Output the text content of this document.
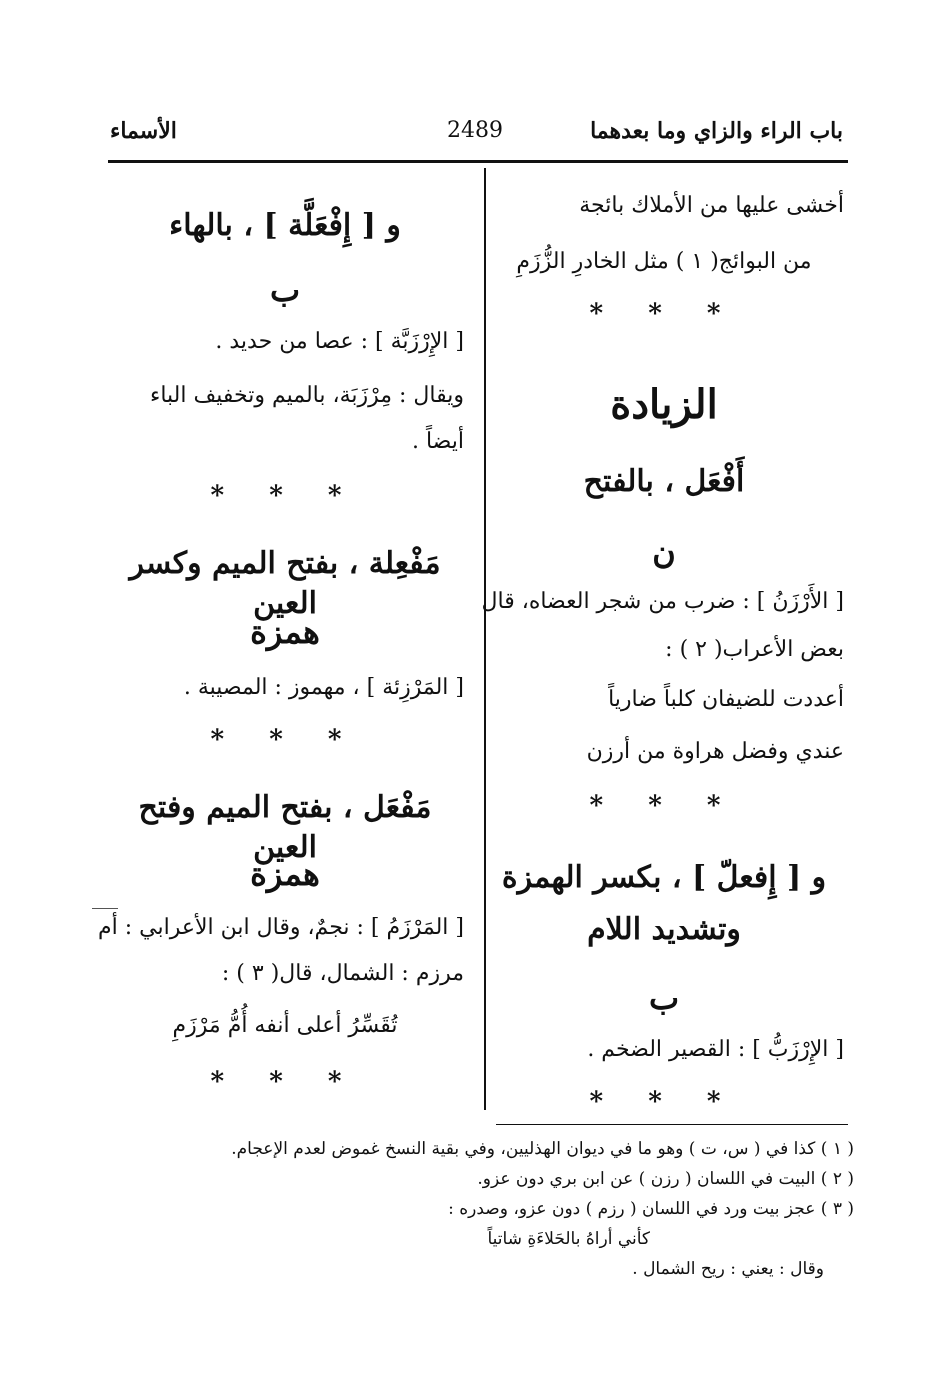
باب الراء والزاي وما بعدهما
2489
الأسماء
أخشى عليها من الأملاك بائجة
من البوائج( ١ ) مثل الخادرِ الزُّزَمِ
* * *
الزيادة
أَفْعَل ، بالفتح
ن
[ الأَرْزَنُ ] : ضرب من شجر العضاه، قال
بعض الأعراب( ٢ ) :
أعددت للضيفان كلباً ضارياً
عندي وفضل هراوة من أرزن
* * *
و [ إِفعلّ ] ، بكسر الهمزة
وتشديد اللام
ب
[ الإِرْزَبُّ ] : القصير الضخم .
* * *
و [ إِفْعَلَّة ] ، بالهاء
ب
[ الإِرْزَبَّة ] : عصا من حديد .
ويقال : مِرْزَبَة، بالميم وتخفيف الباء
أيضاً .
* * *
مَفْعِلة ، بفتح الميم وكسر العين
همزة
[ المَرْزِئة ] ، مهموز : المصيبة .
* * *
مَفْعَل ، بفتح الميم وفتح العين
همزة
[ المَرْزَمُ ] : نجمٌ، وقال ابن الأعرابي : أم
مرزم : الشمال، قال( ٣ ) :
تُقَسِّرُ أعلى أنفه أُمُّ مَرْزَمِ
* * *
( ١ ) كذا في ( س، ت ) وهو ما في ديوان الهذليين، وفي بقية النسخ غموض لعدم الإعجام.
( ٢ ) البيت في اللسان ( رزن ) عن ابن بري دون عزو.
( ٣ ) عجز بيت ورد في اللسان ( رزم ) دون عزو، وصدره :
كأني أراهُ بالحَلاءَةِ شاتياً
وقال : يعني : ريح الشمال .
